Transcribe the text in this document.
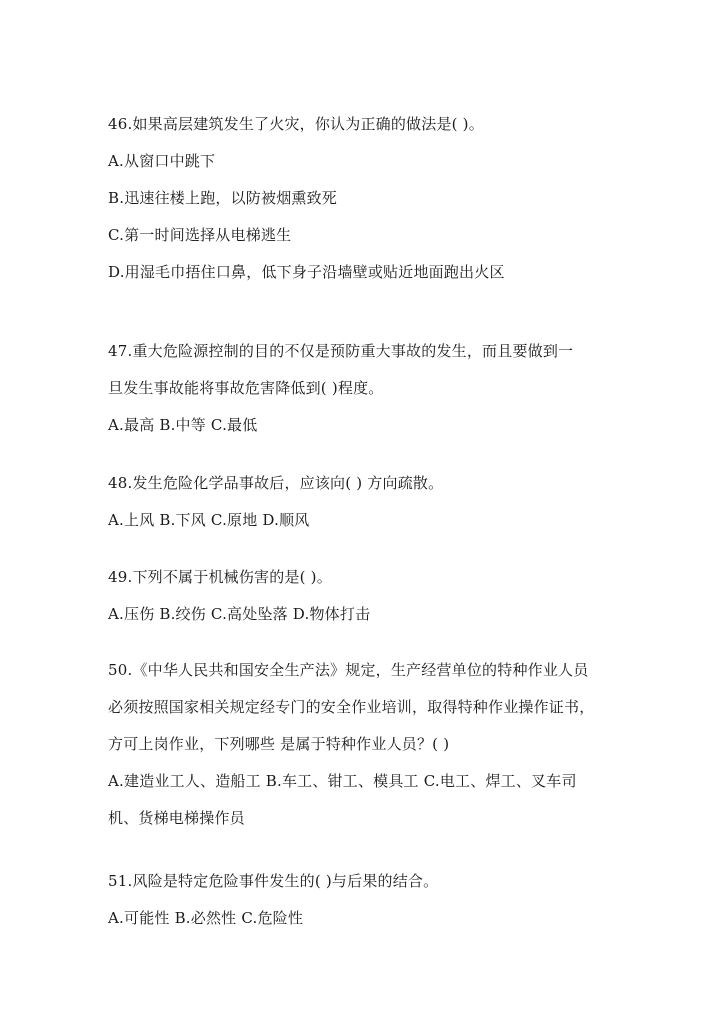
46.如果高层建筑发生了火灾，你认为正确的做法是( )。
A.从窗口中跳下
B.迅速往楼上跑，以防被烟熏致死
C.第一时间选择从电梯逃生
D.用湿毛巾捂住口鼻，低下身子沿墙壁或贴近地面跑出火区
47.重大危险源控制的目的不仅是预防重大事故的发生，而且要做到一
旦发生事故能将事故危害降低到( )程度。
A.最高 B.中等 C.最低
48.发生危险化学品事故后，应该向( ) 方向疏散。
A.上风 B.下风 C.原地 D.顺风
49.下列不属于机械伤害的是( )。
A.压伤 B.绞伤 C.高处坠落 D.物体打击
50.《中华人民共和国安全生产法》规定，生产经营单位的特种作业人员
必须按照国家相关规定经专门的安全作业培训，取得特种作业操作证书，
方可上岗作业，下列哪些 是属于特种作业人员？( )
A.建造业工人、造船工 B.车工、钳工、模具工 C.电工、焊工、叉车司
机、货梯电梯操作员
51.风险是特定危险事件发生的( )与后果的结合。
A.可能性 B.必然性 C.危险性
